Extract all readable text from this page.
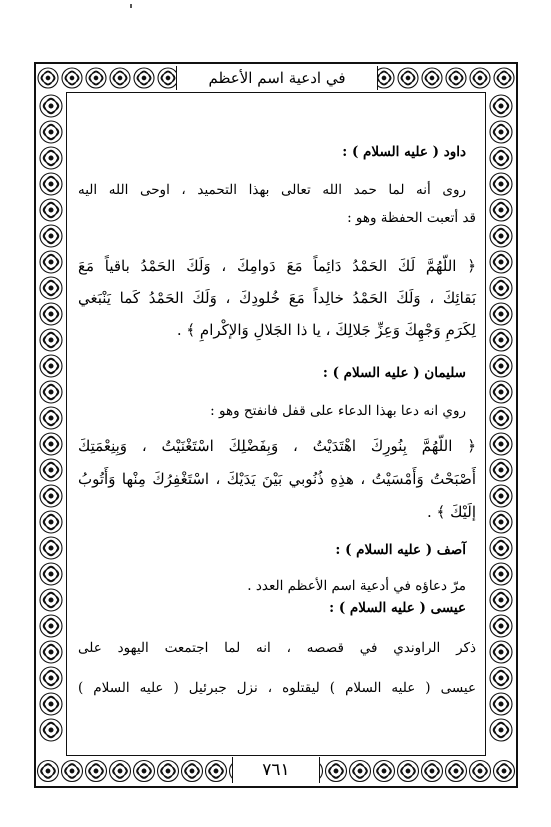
في ادعية اسم الأعظم
٧٦١
داود ( عليه السلام ) :
روى أنه لما حمد الله تعالى بهذا التحميد ، اوحى الله اليه
قد أتعبت الحفظة وهو :
﴿ اللّهُمَّ لَكَ الحَمْدُ دَائِماً مَعَ دَوامِكَ ، وَلَكَ الحَمْدُ باقياً مَعَ
بَقائِكَ ، وَلَكَ الحَمْدُ خالِداً مَعَ خُلودِكَ ، وَلَكَ الحَمْدُ كَما يَنْبَغي
لِكَرَمِ وَجْهِكَ وَعِزِّ جَلالِكَ ، يا ذا الجَلالِ وَالإكْرامِ ﴾ .
سليمان ( عليه السلام ) :
روي انه دعا بهذا الدعاء على قفل فانفتح وهو :
﴿ اللّهُمَّ بِنُورِكَ اهْتَدَيْتُ ، وَبِفَضْلِكَ اسْتَغْنَيْتُ ، وَبِنِعْمَتِكَ
أَصْبَحْتُ وَأَمْسَيْتُ ، هذِهِ ذُنُوبي بَيْنَ يَدَيْكَ ، اسْتَغْفِرُكَ مِنْها وَأَتُوبُ
إلَيْكَ ﴾ .
آصف ( عليه السلام ) :
مرّ دعاؤه في أدعية اسم الأعظم العدد .
عيسى ( عليه السلام ) :
ذكر الراوندي في قصصه ، انه لما اجتمعت اليهود على
عيسى ( عليه السلام ) ليقتلوه ، نزل جبرئيل ( عليه السلام )
